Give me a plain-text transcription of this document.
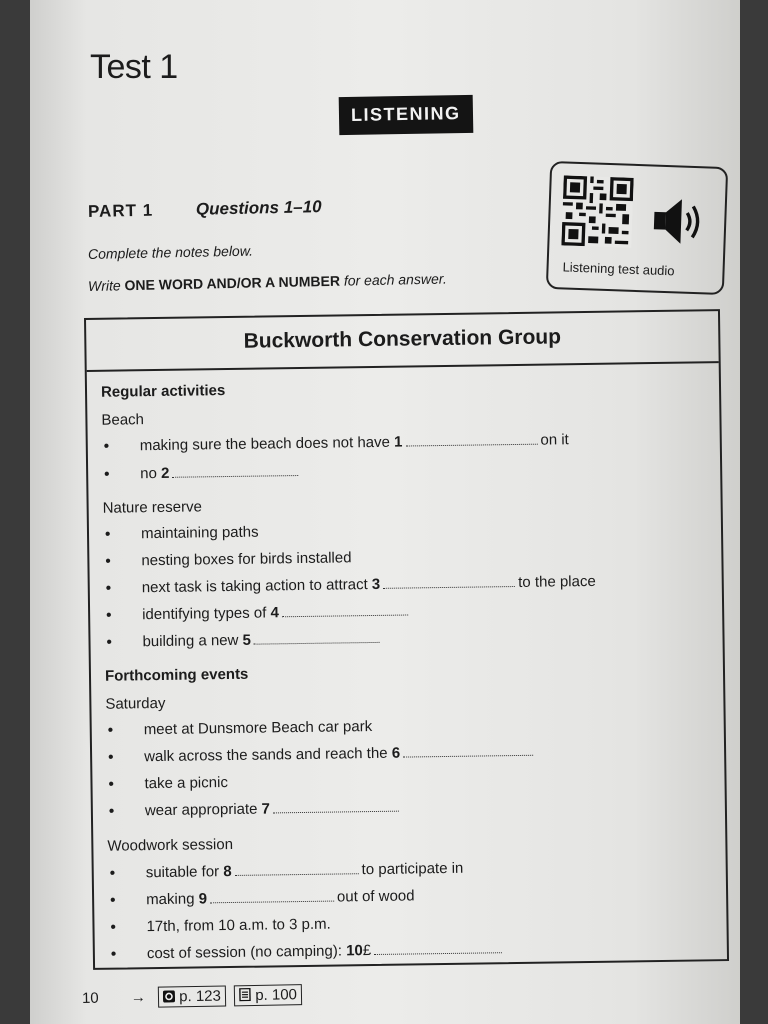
Test 1
LISTENING
Listening test audio
PART 1 Questions 1–10
Complete the notes below.
Write ONE WORD AND/OR A NUMBER for each answer.
Buckworth Conservation Group
Regular activities
Beach
• making sure the beach does not have 1	on it
• no 2
Nature reserve
• maintaining paths
• nesting boxes for birds installed
• next task is taking action to attract 3	to the place
• identifying types of 4
• building a new 5
Forthcoming events
Saturday
• meet at Dunsmore Beach car park
• walk across the sands and reach the 6
• take a picnic
• wear appropriate 7
Woodwork session
• suitable for 8	to participate in
• making 9	out of wood
• 17th, from 10 a.m. to 3 p.m.
• cost of session (no camping): 10£
10 → p. 123 p. 100
